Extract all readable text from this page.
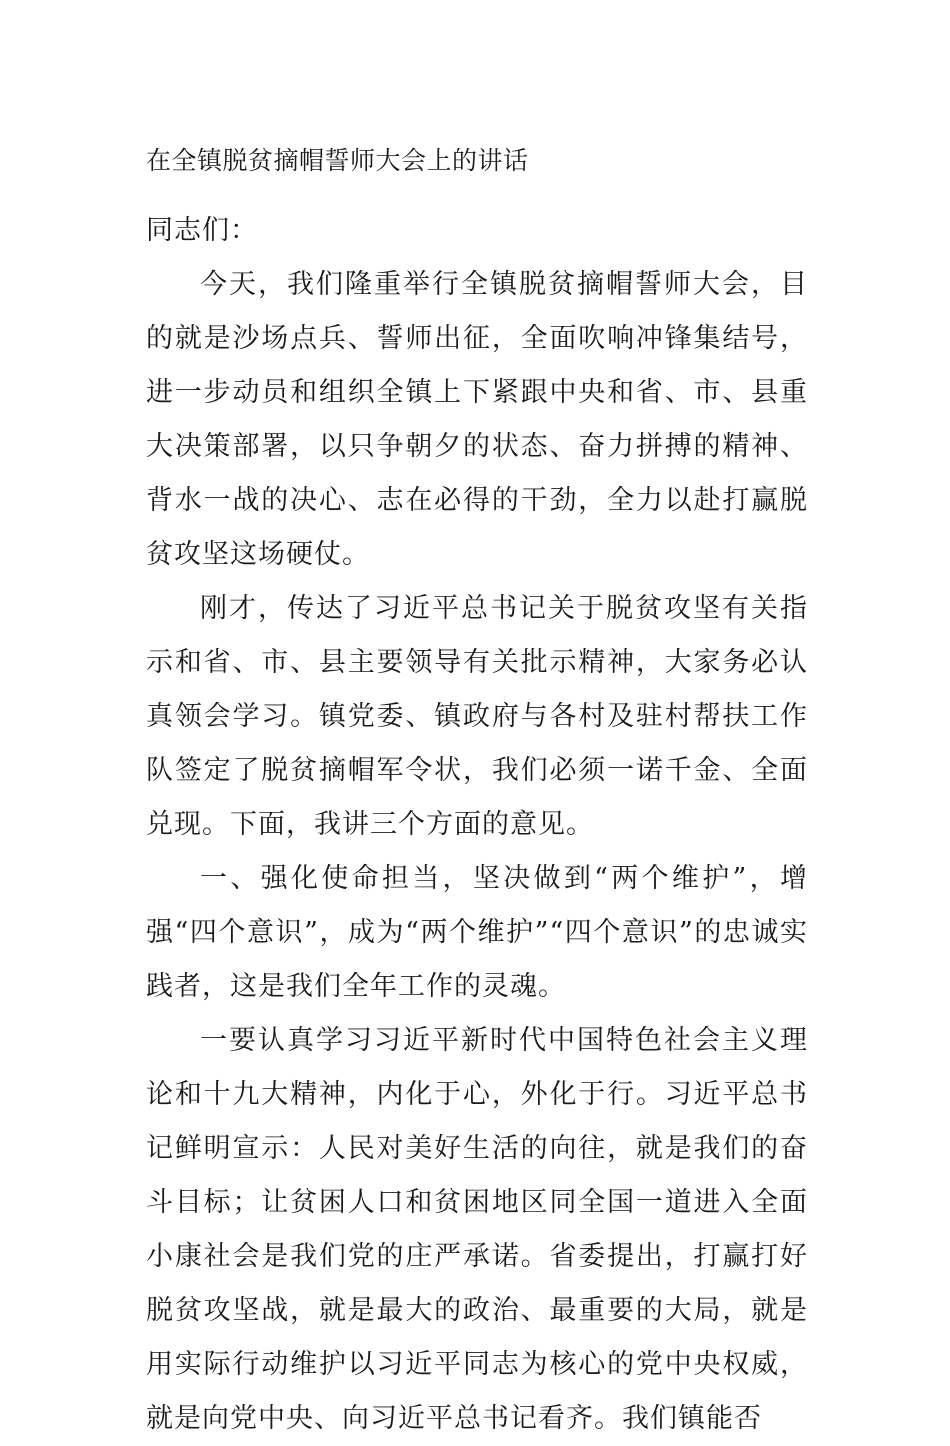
在全镇脱贫摘帽誓师大会上的讲话

同志们：

今天，我们隆重举行全镇脱贫摘帽誓师大会，目的就是沙场点兵、誓师出征，全面吹响冲锋集结号，进一步动员和组织全镇上下紧跟中央和省、市、县重大决策部署，以只争朝夕的状态、奋力拼搏的精神、背水一战的决心、志在必得的干劲，全力以赴打赢脱贫攻坚这场硬仗。

刚才，传达了习近平总书记关于脱贫攻坚有关指示和省、市、县主要领导有关批示精神，大家务必认真领会学习。镇党委、镇政府与各村及驻村帮扶工作队签定了脱贫摘帽军令状，我们必须一诺千金、全面兑现。下面，我讲三个方面的意见。

一、强化使命担当，坚决做到“两个维护”，增强“四个意识”，成为“两个维护”“四个意识”的忠诚实践者，这是我们全年工作的灵魂。

一要认真学习习近平新时代中国特色社会主义理论和十九大精神，内化于心，外化于行。习近平总书记鲜明宣示：人民对美好生活的向往，就是我们的奋斗目标；让贫困人口和贫困地区同全国一道进入全面小康社会是我们党的庄严承诺。省委提出，打赢打好脱贫攻坚战，就是最大的政治、最重要的大局，就是用实际行动维护以习近平同志为核心的党中央权威，就是向党中央、向习近平总书记看齐。我们镇能否
